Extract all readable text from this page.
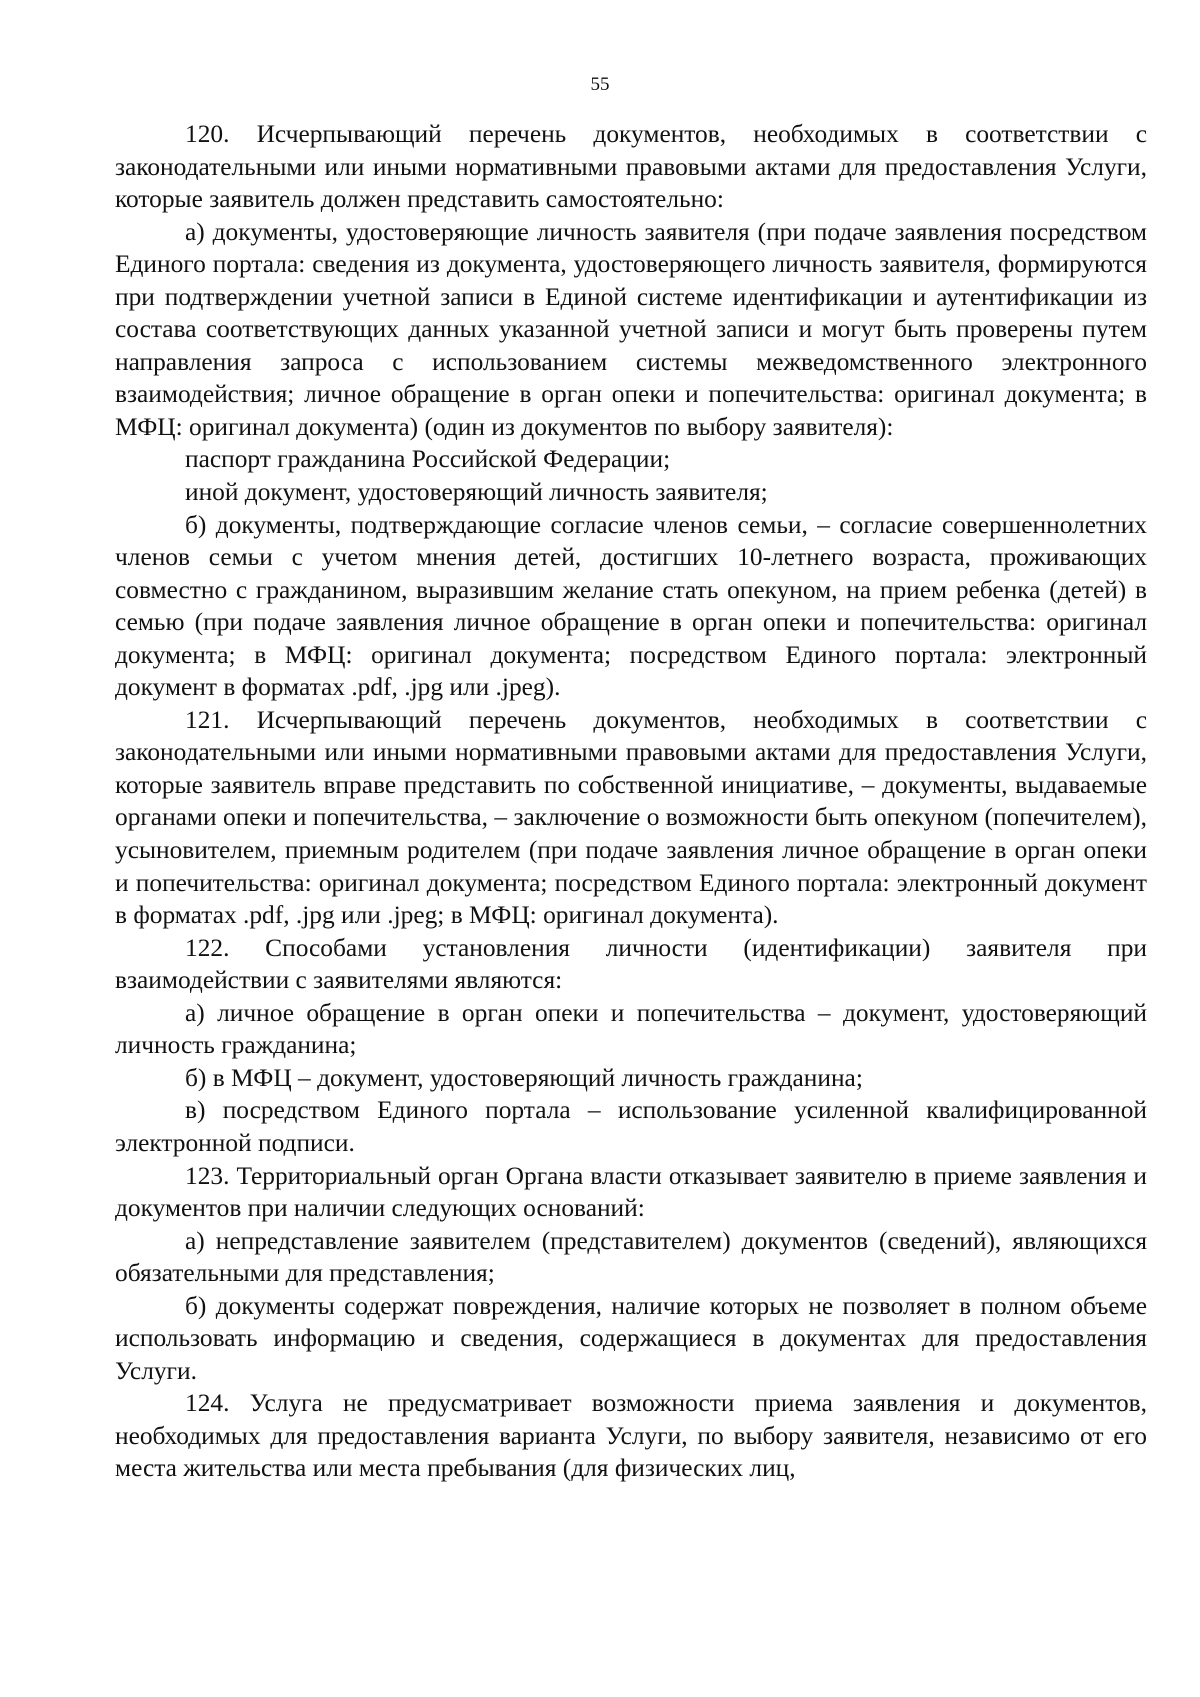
55

120. Исчерпывающий перечень документов, необходимых в соответствии с законодательными или иными нормативными правовыми актами для предоставления Услуги, которые заявитель должен представить самостоятельно:

а) документы, удостоверяющие личность заявителя (при подаче заявления посредством Единого портала: сведения из документа, удостоверяющего личность заявителя, формируются при подтверждении учетной записи в Единой системе идентификации и аутентификации из состава соответствующих данных указанной учетной записи и могут быть проверены путем направления запроса с использованием системы межведомственного электронного взаимодействия; личное обращение в орган опеки и попечительства: оригинал документа; в МФЦ: оригинал документа) (один из документов по выбору заявителя):

паспорт гражданина Российской Федерации;

иной документ, удостоверяющий личность заявителя;

б) документы, подтверждающие согласие членов семьи, – согласие совершеннолетних членов семьи с учетом мнения детей, достигших 10-летнего возраста, проживающих совместно с гражданином, выразившим желание стать опекуном, на прием ребенка (детей) в семью (при подаче заявления личное обращение в орган опеки и попечительства: оригинал документа; в МФЦ: оригинал документа; посредством Единого портала: электронный документ в форматах .pdf, .jpg или .jpeg).

121. Исчерпывающий перечень документов, необходимых в соответствии с законодательными или иными нормативными правовыми актами для предоставления Услуги, которые заявитель вправе представить по собственной инициативе, – документы, выдаваемые органами опеки и попечительства, – заключение о возможности быть опекуном (попечителем), усыновителем, приемным родителем (при подаче заявления личное обращение в орган опеки и попечительства: оригинал документа; посредством Единого портала: электронный документ в форматах .pdf, .jpg или .jpeg; в МФЦ: оригинал документа).

122. Способами установления личности (идентификации) заявителя при взаимодействии с заявителями являются:

а) личное обращение в орган опеки и попечительства – документ, удостоверяющий личность гражданина;

б) в МФЦ – документ, удостоверяющий личность гражданина;

в) посредством Единого портала – использование усиленной квалифицированной электронной подписи.

123. Территориальный орган Органа власти отказывает заявителю в приеме заявления и документов при наличии следующих оснований:

а) непредставление заявителем (представителем) документов (сведений), являющихся обязательными для представления;

б) документы содержат повреждения, наличие которых не позволяет в полном объеме использовать информацию и сведения, содержащиеся в документах для предоставления Услуги.

124. Услуга не предусматривает возможности приема заявления и документов, необходимых для предоставления варианта Услуги, по выбору заявителя, независимо от его места жительства или места пребывания (для физических лиц,
